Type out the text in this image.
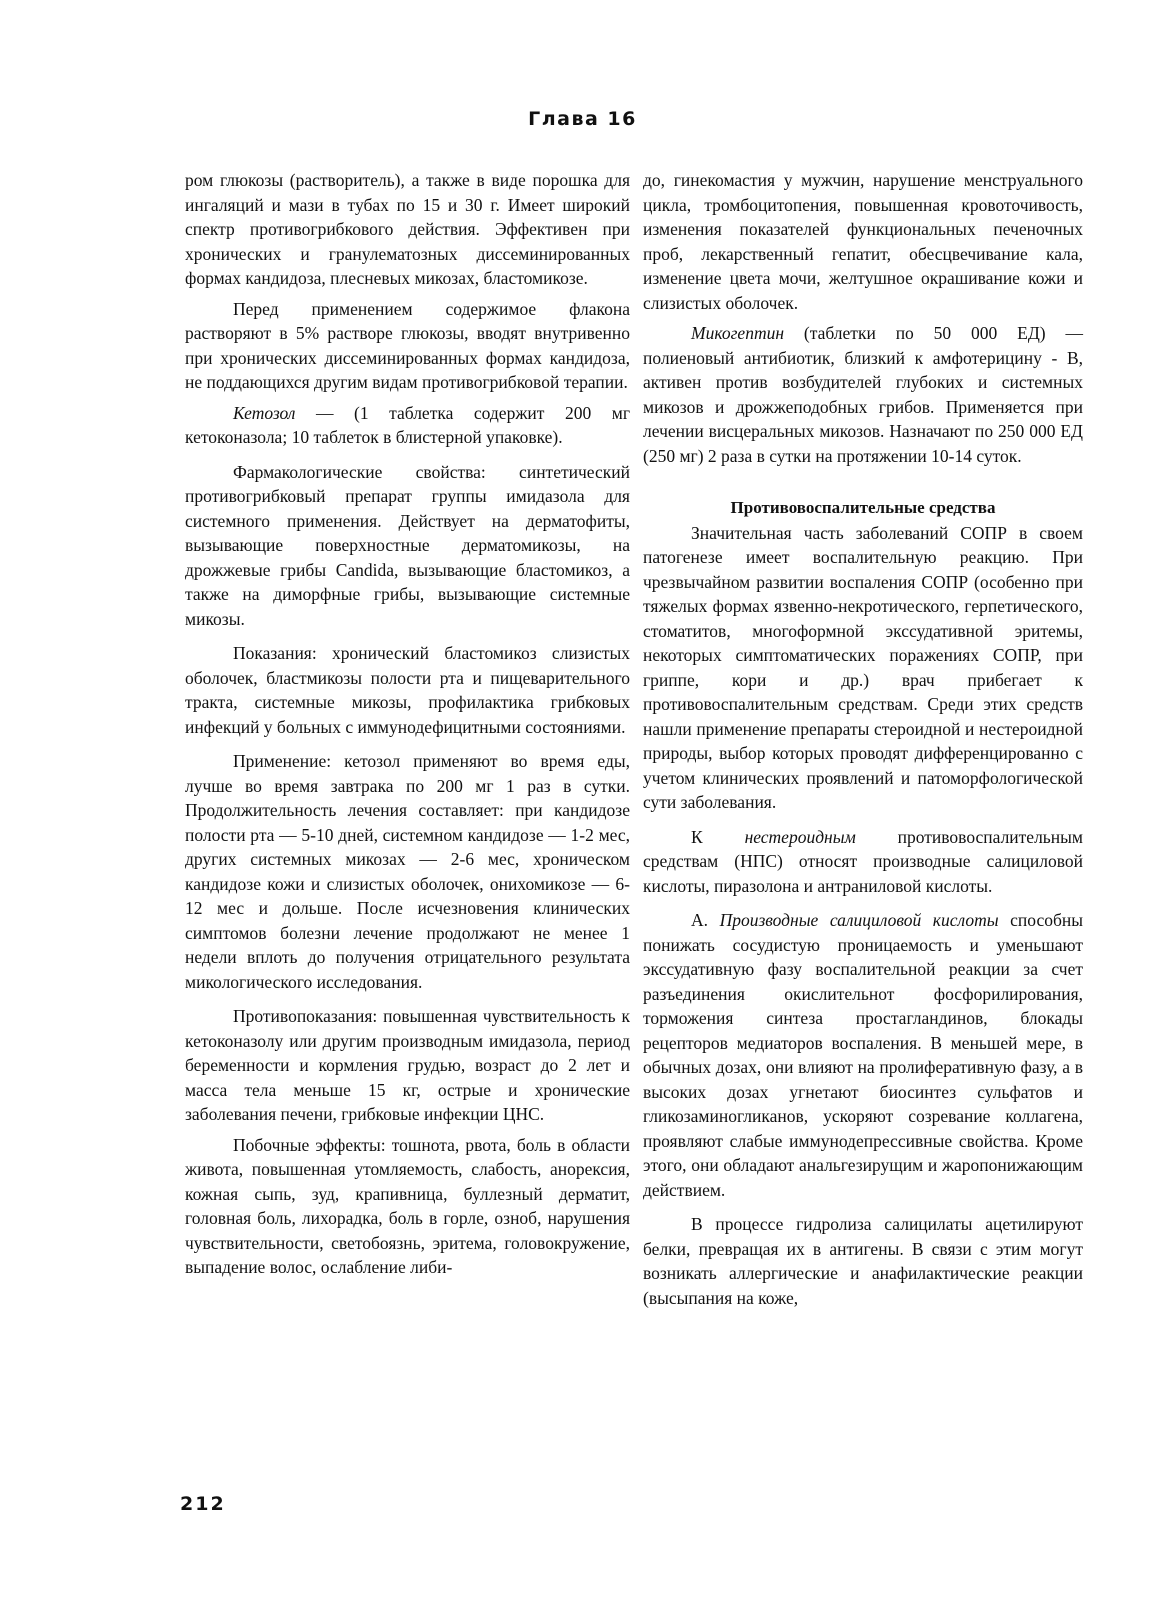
Глава 16

ром глюкозы (растворитель), а также в виде порошка для ингаляций и мази в тубах по 15 и 30 г. Имеет широкий спектр противогрибкового действия. Эффективен при хронических и гранулематозных диссеминированных формах кандидоза, плесневых микозах, бластомикозе.

Перед применением содержимое флакона растворяют в 5% растворе глюкозы, вводят внутривенно при хронических диссеминированных формах кандидоза, не поддающихся другим видам противогрибковой терапии.

Кетозол — (1 таблетка содержит 200 мг кетоконазола; 10 таблеток в блистерной упаковке).

Фармакологические свойства: синтетический противогрибковый препарат группы имидазола для системного применения. Действует на дерматофиты, вызывающие поверхностные дерматомикозы, на дрожжевые грибы Candida, вызывающие бластомикоз, а также на диморфные грибы, вызывающие системные микозы.

Показания: хронический бластомикоз слизистых оболочек, бластмикозы полости рта и пищеварительного тракта, системные микозы, профилактика грибковых инфекций у больных с иммунодефицитными состояниями.

Применение: кетозол применяют во время еды, лучше во время завтрака по 200 мг 1 раз в сутки. Продолжительность лечения составляет: при кандидозе полости рта — 5-10 дней, системном кандидозе — 1-2 мес, других системных микозах — 2-6 мес, хроническом кандидозе кожи и слизистых оболочек, онихомикозе — 6-12 мес и дольше. После исчезновения клинических симптомов болезни лечение продолжают не менее 1 недели вплоть до получения отрицательного результата микологического исследования.

Противопоказания: повышенная чувствительность к кетоконазолу или другим производным имидазола, период беременности и кормления грудью, возраст до 2 лет и масса тела меньше 15 кг, острые и хронические заболевания печени, грибковые инфекции ЦНС.

Побочные эффекты: тошнота, рвота, боль в области живота, повышенная утомляемость, слабость, анорексия, кожная сыпь, зуд, крапивница, буллезный дерматит, головная боль, лихорадка, боль в горле, озноб, нарушения чувствительности, светобоязнь, эритема, головокружение, выпадение волос, ослабление либи-

до, гинекомастия у мужчин, нарушение менструального цикла, тромбоцитопения, повышенная кровоточивость, изменения показателей функциональных печеночных проб, лекарственный гепатит, обесцвечивание кала, изменение цвета мочи, желтушное окрашивание кожи и слизистых оболочек.

Микогептин (таблетки по 50 000 ЕД) — полиеновый антибиотик, близкий к амфотерицину - В, активен против возбудителей глубоких и системных микозов и дрожжеподобных грибов. Применяется при лечении висцеральных микозов. Назначают по 250 000 ЕД (250 мг) 2 раза в сутки на протяжении 10-14 суток.

Противовоспалительные средства

Значительная часть заболеваний СОПР в своем патогенезе имеет воспалительную реакцию. При чрезвычайном развитии воспаления СОПР (особенно при тяжелых формах язвенно-некротического, герпетического, стоматитов, многоформной экссудативной эритемы, некоторых симптоматических поражениях СОПР, при гриппе, кори и др.) врач прибегает к противовоспалительным средствам. Среди этих средств нашли применение препараты стероидной и нестероидной природы, выбор которых проводят дифференцированно с учетом клинических проявлений и патоморфологической сути заболевания.

К нестероидным противовоспалительным средствам (НПС) относят производные салициловой кислоты, пиразолона и антраниловой кислоты.

А. Производные салициловой кислоты способны понижать сосудистую проницаемость и уменьшают экссудативную фазу воспалительной реакции за счет разъединения окислительнот фосфорилирования, торможения синтеза простагландинов, блокады рецепторов медиаторов воспаления. В меньшей мере, в обычных дозах, они влияют на пролиферативную фазу, а в высоких дозах угнетают биосинтез сульфатов и гликозаминогликанов, ускоряют созревание коллагена, проявляют слабые иммунодепрессивные свойства. Кроме этого, они обладают анальгезирущим и жаропонижающим действием.

В процессе гидролиза салицилаты ацетилируют белки, превращая их в антигены. В связи с этим могут возникать аллергические и анафилактические реакции (высыпания на коже,

212
